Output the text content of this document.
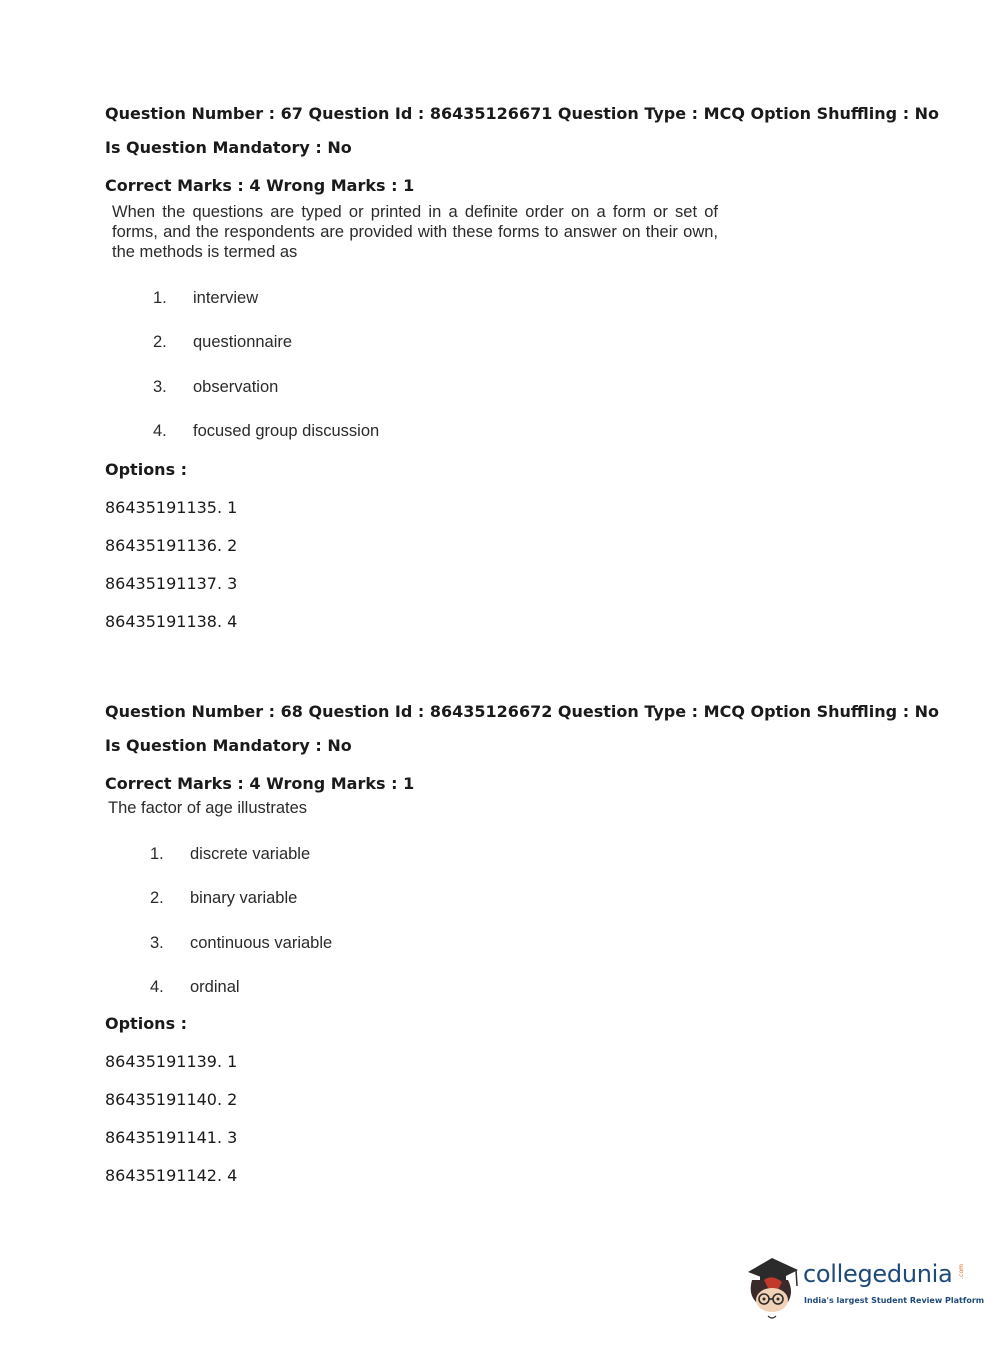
Question Number : 67 Question Id : 86435126671 Question Type : MCQ Option Shuffling : No
Is Question Mandatory : No
Correct Marks : 4 Wrong Marks : 1
When the questions are typed or printed in a definite order on a form or set of forms, and the respondents are provided with these forms to answer on their own, the methods is termed as
1.	interview
2.	questionnaire
3.	observation
4.	focused group discussion
Options :
86435191135. 1
86435191136. 2
86435191137. 3
86435191138. 4
Question Number : 68 Question Id : 86435126672 Question Type : MCQ Option Shuffling : No
Is Question Mandatory : No
Correct Marks : 4 Wrong Marks : 1
The factor of age illustrates
1.	discrete variable
2.	binary variable
3.	continuous variable
4.	ordinal
Options :
86435191139. 1
86435191140. 2
86435191141. 3
86435191142. 4
collegedunia .com
India's largest Student Review Platform
